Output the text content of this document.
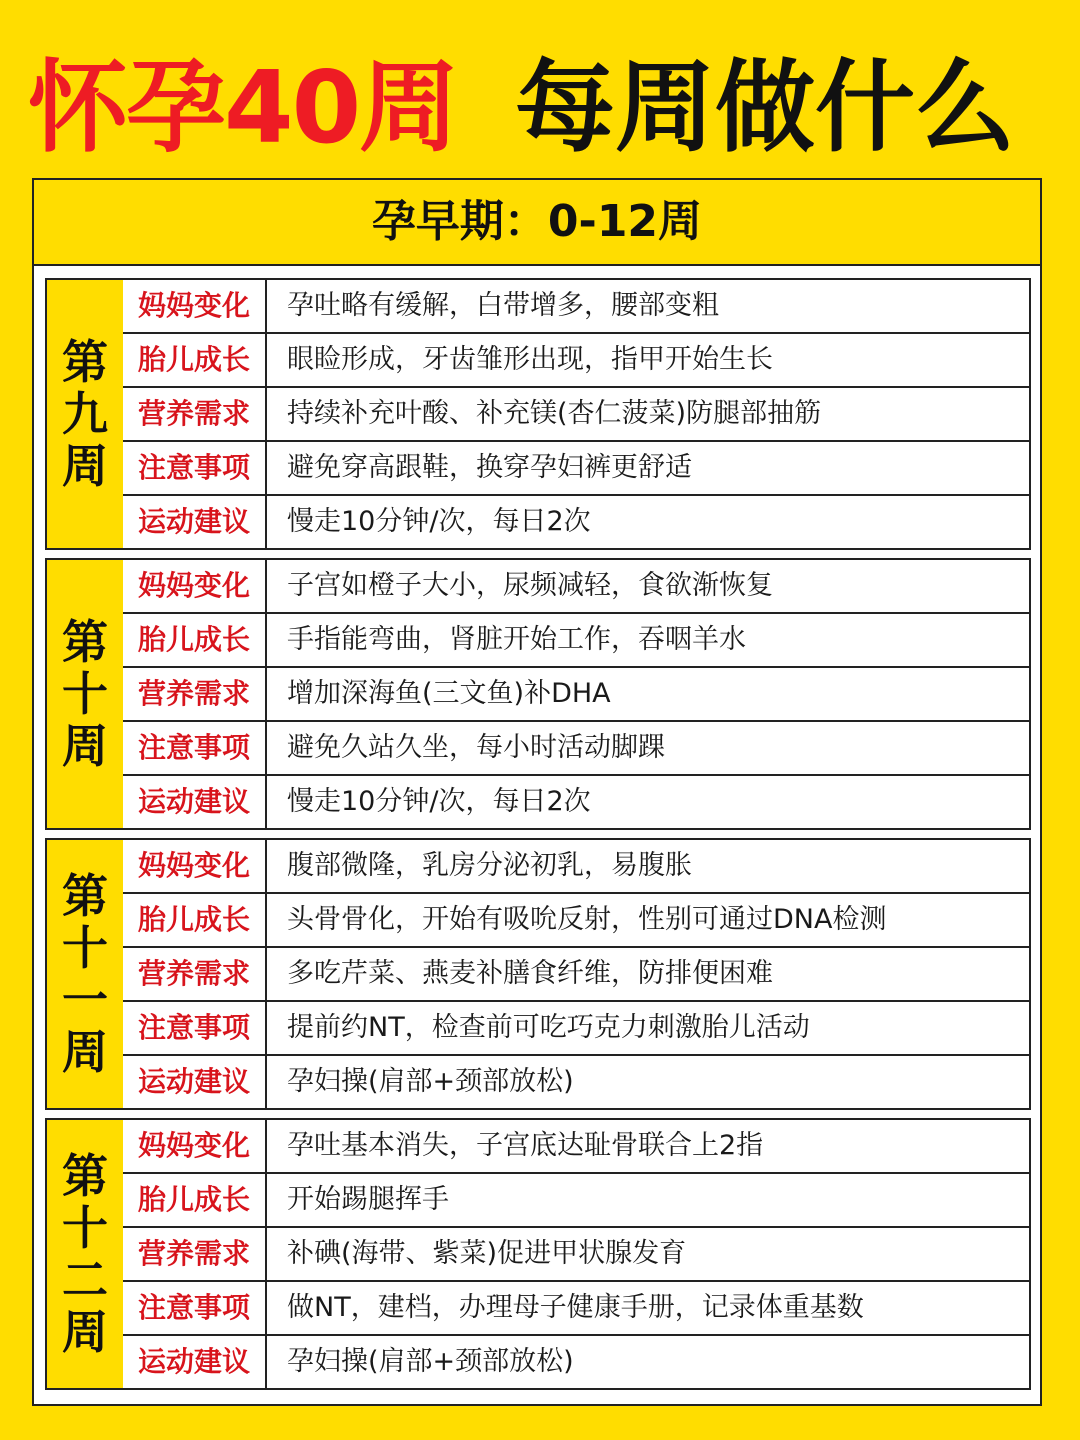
怀孕40周 每周做什么
孕早期：0-12周
第
九
周
妈妈变化	孕吐略有缓解，白带增多，腰部变粗
胎儿成长	眼睑形成，牙齿雏形出现，指甲开始生长
营养需求	持续补充叶酸、补充镁(杏仁菠菜)防腿部抽筋
注意事项	避免穿高跟鞋，换穿孕妇裤更舒适
运动建议	慢走10分钟/次，每日2次
第
十
周
妈妈变化	子宫如橙子大小，尿频减轻，食欲渐恢复
胎儿成长	手指能弯曲，肾脏开始工作，吞咽羊水
营养需求	增加深海鱼(三文鱼)补DHA
注意事项	避免久站久坐，每小时活动脚踝
运动建议	慢走10分钟/次，每日2次
第
十
一
周
妈妈变化	腹部微隆，乳房分泌初乳，易腹胀
胎儿成长	头骨骨化，开始有吸吮反射，性别可通过DNA检测
营养需求	多吃芹菜、燕麦补膳食纤维，防排便困难
注意事项	提前约NT，检查前可吃巧克力刺激胎儿活动
运动建议	孕妇操(肩部+颈部放松)
第
十
二
周
妈妈变化	孕吐基本消失，子宫底达耻骨联合上2指
胎儿成长	开始踢腿挥手
营养需求	补碘(海带、紫菜)促进甲状腺发育
注意事项	做NT，建档，办理母子健康手册，记录体重基数
运动建议	孕妇操(肩部+颈部放松)
